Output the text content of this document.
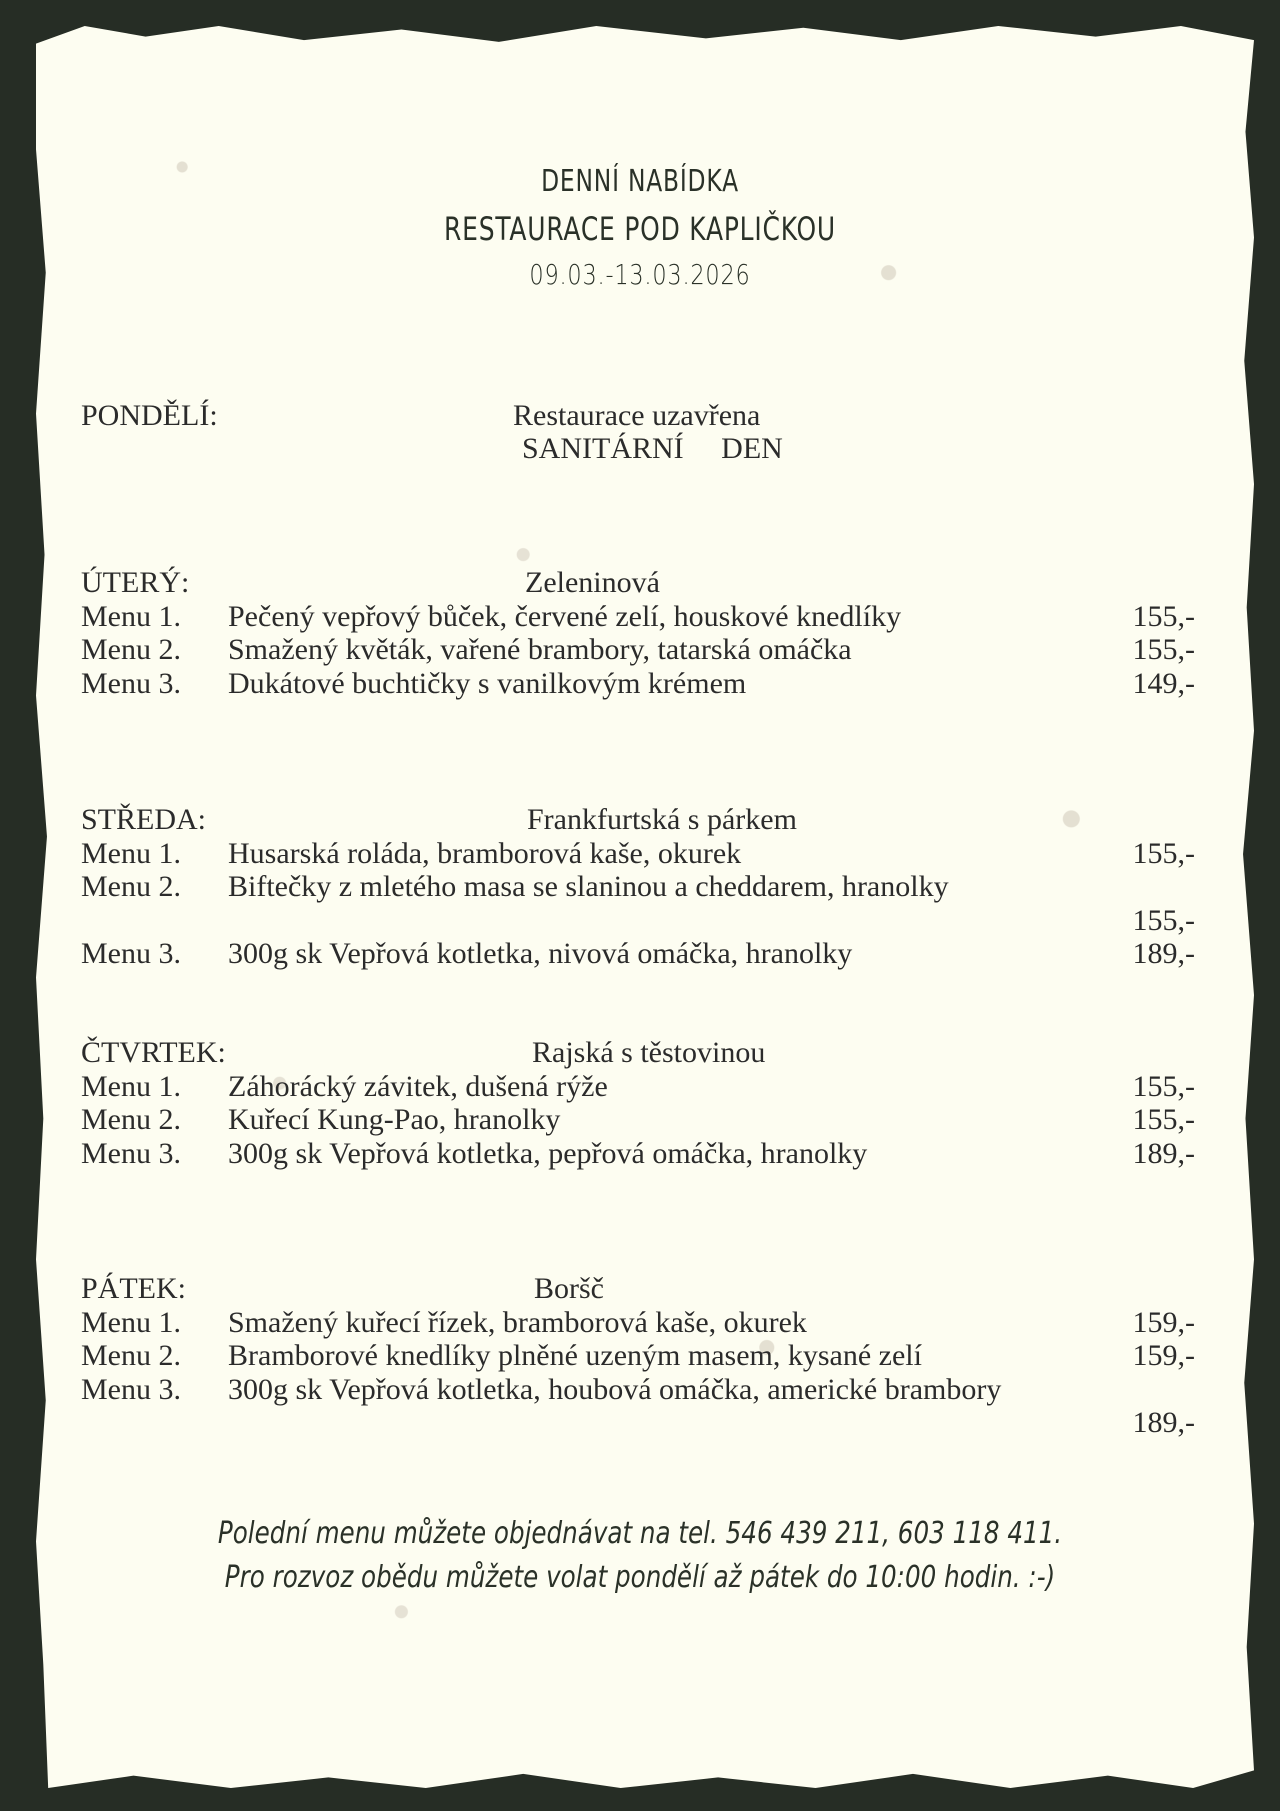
DENNÍ NABÍDKA
RESTAURACE POD KAPLIČKOU
09.03.-13.03.2026
PONDĚLÍ:	Restaurace uzavřena
SANITÁRNÍ     DEN
ÚTERÝ:	Zeleninová
Menu 1. Pečený vepřový bůček, červené zelí, houskové knedlíky	155,-
Menu 2. Smažený květák, vařené brambory, tatarská omáčka	155,-
Menu 3. Dukátové buchtičky s vanilkovým krémem	149,-
STŘEDA:	Frankfurtská s párkem
Menu 1. Husarská roláda, bramborová kaše, okurek	155,-
Menu 2. Biftečky z mletého masa se slaninou a cheddarem, hranolky
155,-
Menu 3. 300g sk Vepřová kotletka, nivová omáčka, hranolky	189,-
ČTVRTEK:	Rajská s těstovinou
Menu 1. Záhorácký závitek, dušená rýže	155,-
Menu 2. Kuřecí Kung-Pao, hranolky	155,-
Menu 3. 300g sk Vepřová kotletka, pepřová omáčka, hranolky	189,-
PÁTEK:	Boršč
Menu 1. Smažený kuřecí řízek, bramborová kaše, okurek	159,-
Menu 2. Bramborové knedlíky plněné uzeným masem, kysané zelí	159,-
Menu 3. 300g sk Vepřová kotletka, houbová omáčka, americké brambory
189,-
Polední menu můžete objednávat na tel. 546 439 211, 603 118 411.
Pro rozvoz obědu můžete volat pondělí až pátek do 10:00 hodin. :-)
